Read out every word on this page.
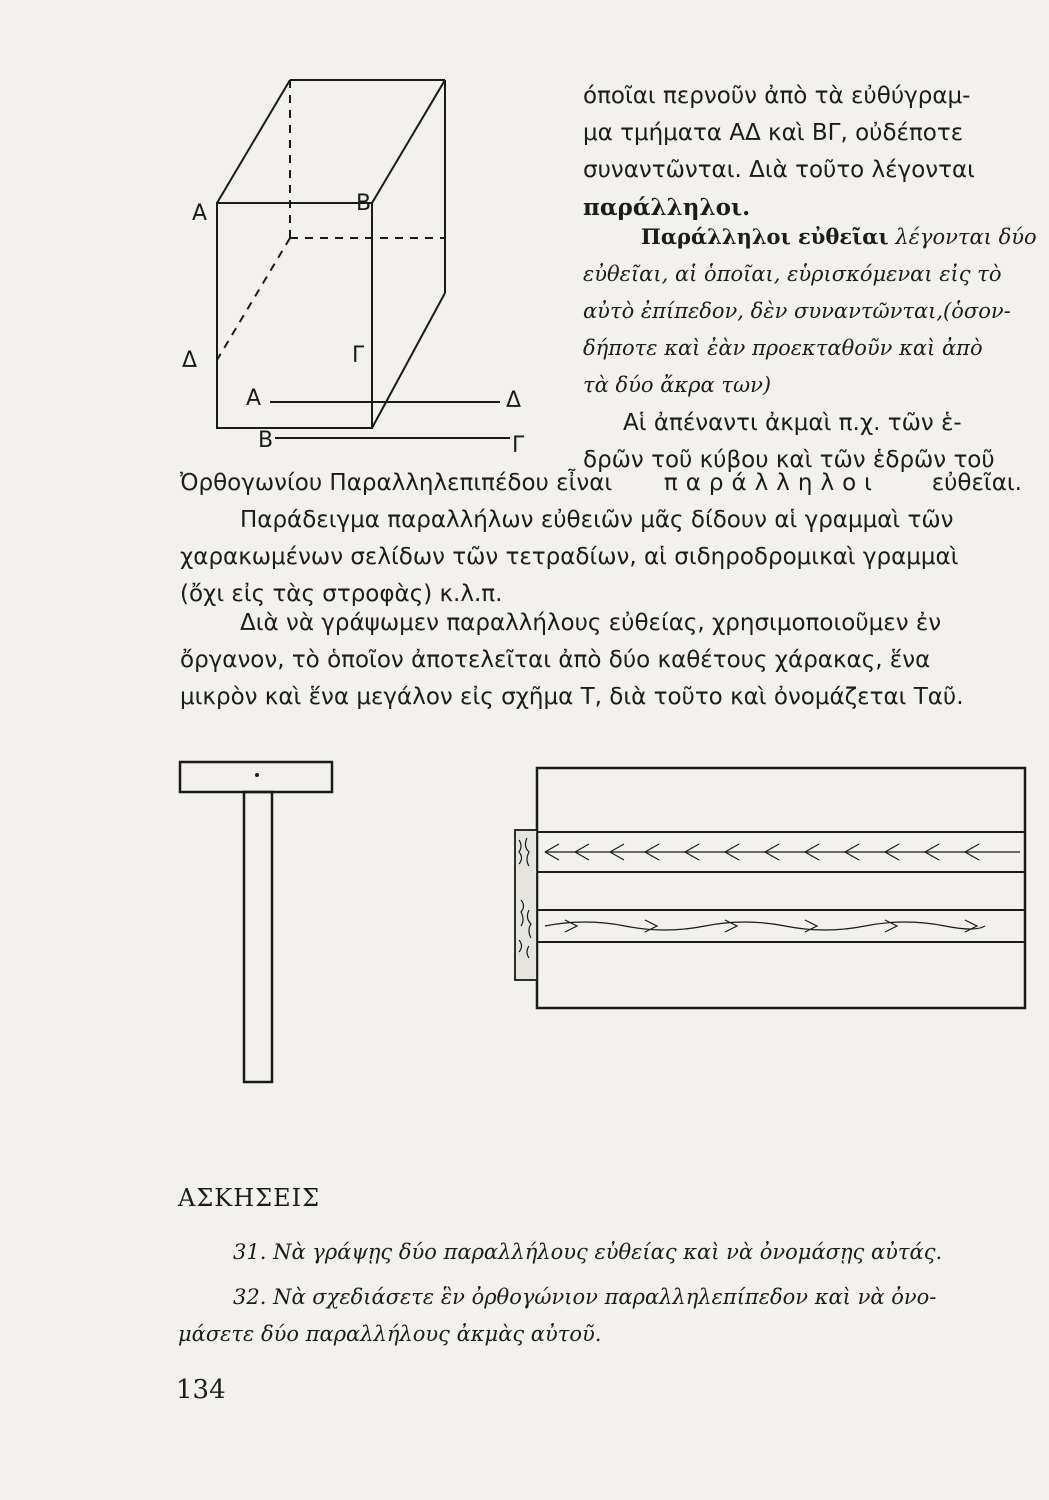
A	B
Δ	Γ
A	Δ
B	Γ
όποῖαι περνοῦν ἀπὸ τὰ εὐθύγραμ-
μα τμήματα ΑΔ καὶ ΒΓ, οὐδέποτε
συναντῶνται. Διὰ τοῦτο λέγονται
παράλληλοι.
Παράλληλοι εὐθεῖαι λέγονται δύο
εὐθεῖαι, αἱ ὁποῖαι, εὑρισκόμεναι εἰς τὸ
αὐτὸ ἐπίπεδον, δὲν συναντῶνται,(ὁσον-
δήποτε καὶ ἐὰν προεκταθοῦν καὶ ἀπὸ
τὰ δύο ἄκρα των)
Αἱ ἀπέναντι ἀκμαὶ π.χ. τῶν ἑ-
δρῶν τοῦ κύβου καὶ τῶν ἑδρῶν τοῦ
Ὀρθογωνίου Παραλληλεπιπέδου εἶναι παράλληλοι εὐθεῖαι.
Παράδειγμα παραλλήλων εὐθειῶν μᾶς δίδουν αἱ γραμμαὶ τῶν
χαρακωμένων σελίδων τῶν τετραδίων, αἱ σιδηροδρομικαὶ γραμμαὶ
(ὄχι εἰς τὰς στροφὰς) κ.λ.π.
Διὰ νὰ γράψωμεν παραλλήλους εὐθείας, χρησιμοποιοῦμεν ἐν
ὄργανον, τὸ ὁποῖον ἀποτελεῖται ἀπὸ δύο καθέτους χάρακας, ἕνα
μικρὸν καὶ ἕνα μεγάλον εἰς σχῆμα Τ, διὰ τοῦτο καὶ ὀνομάζεται Ταῦ.
ΑΣΚΗΣΕΙΣ
31. Νὰ γράψῃς δύο παραλλήλους εὐθείας καὶ νὰ ὀνομάσῃς αὐτάς.
32. Νὰ σχεδιάσετε ἓν ὀρθογώνιον παραλληλεπίπεδον καὶ νὰ ὀνο-
μάσετε δύο παραλλήλους ἀκμὰς αὐτοῦ.
134
